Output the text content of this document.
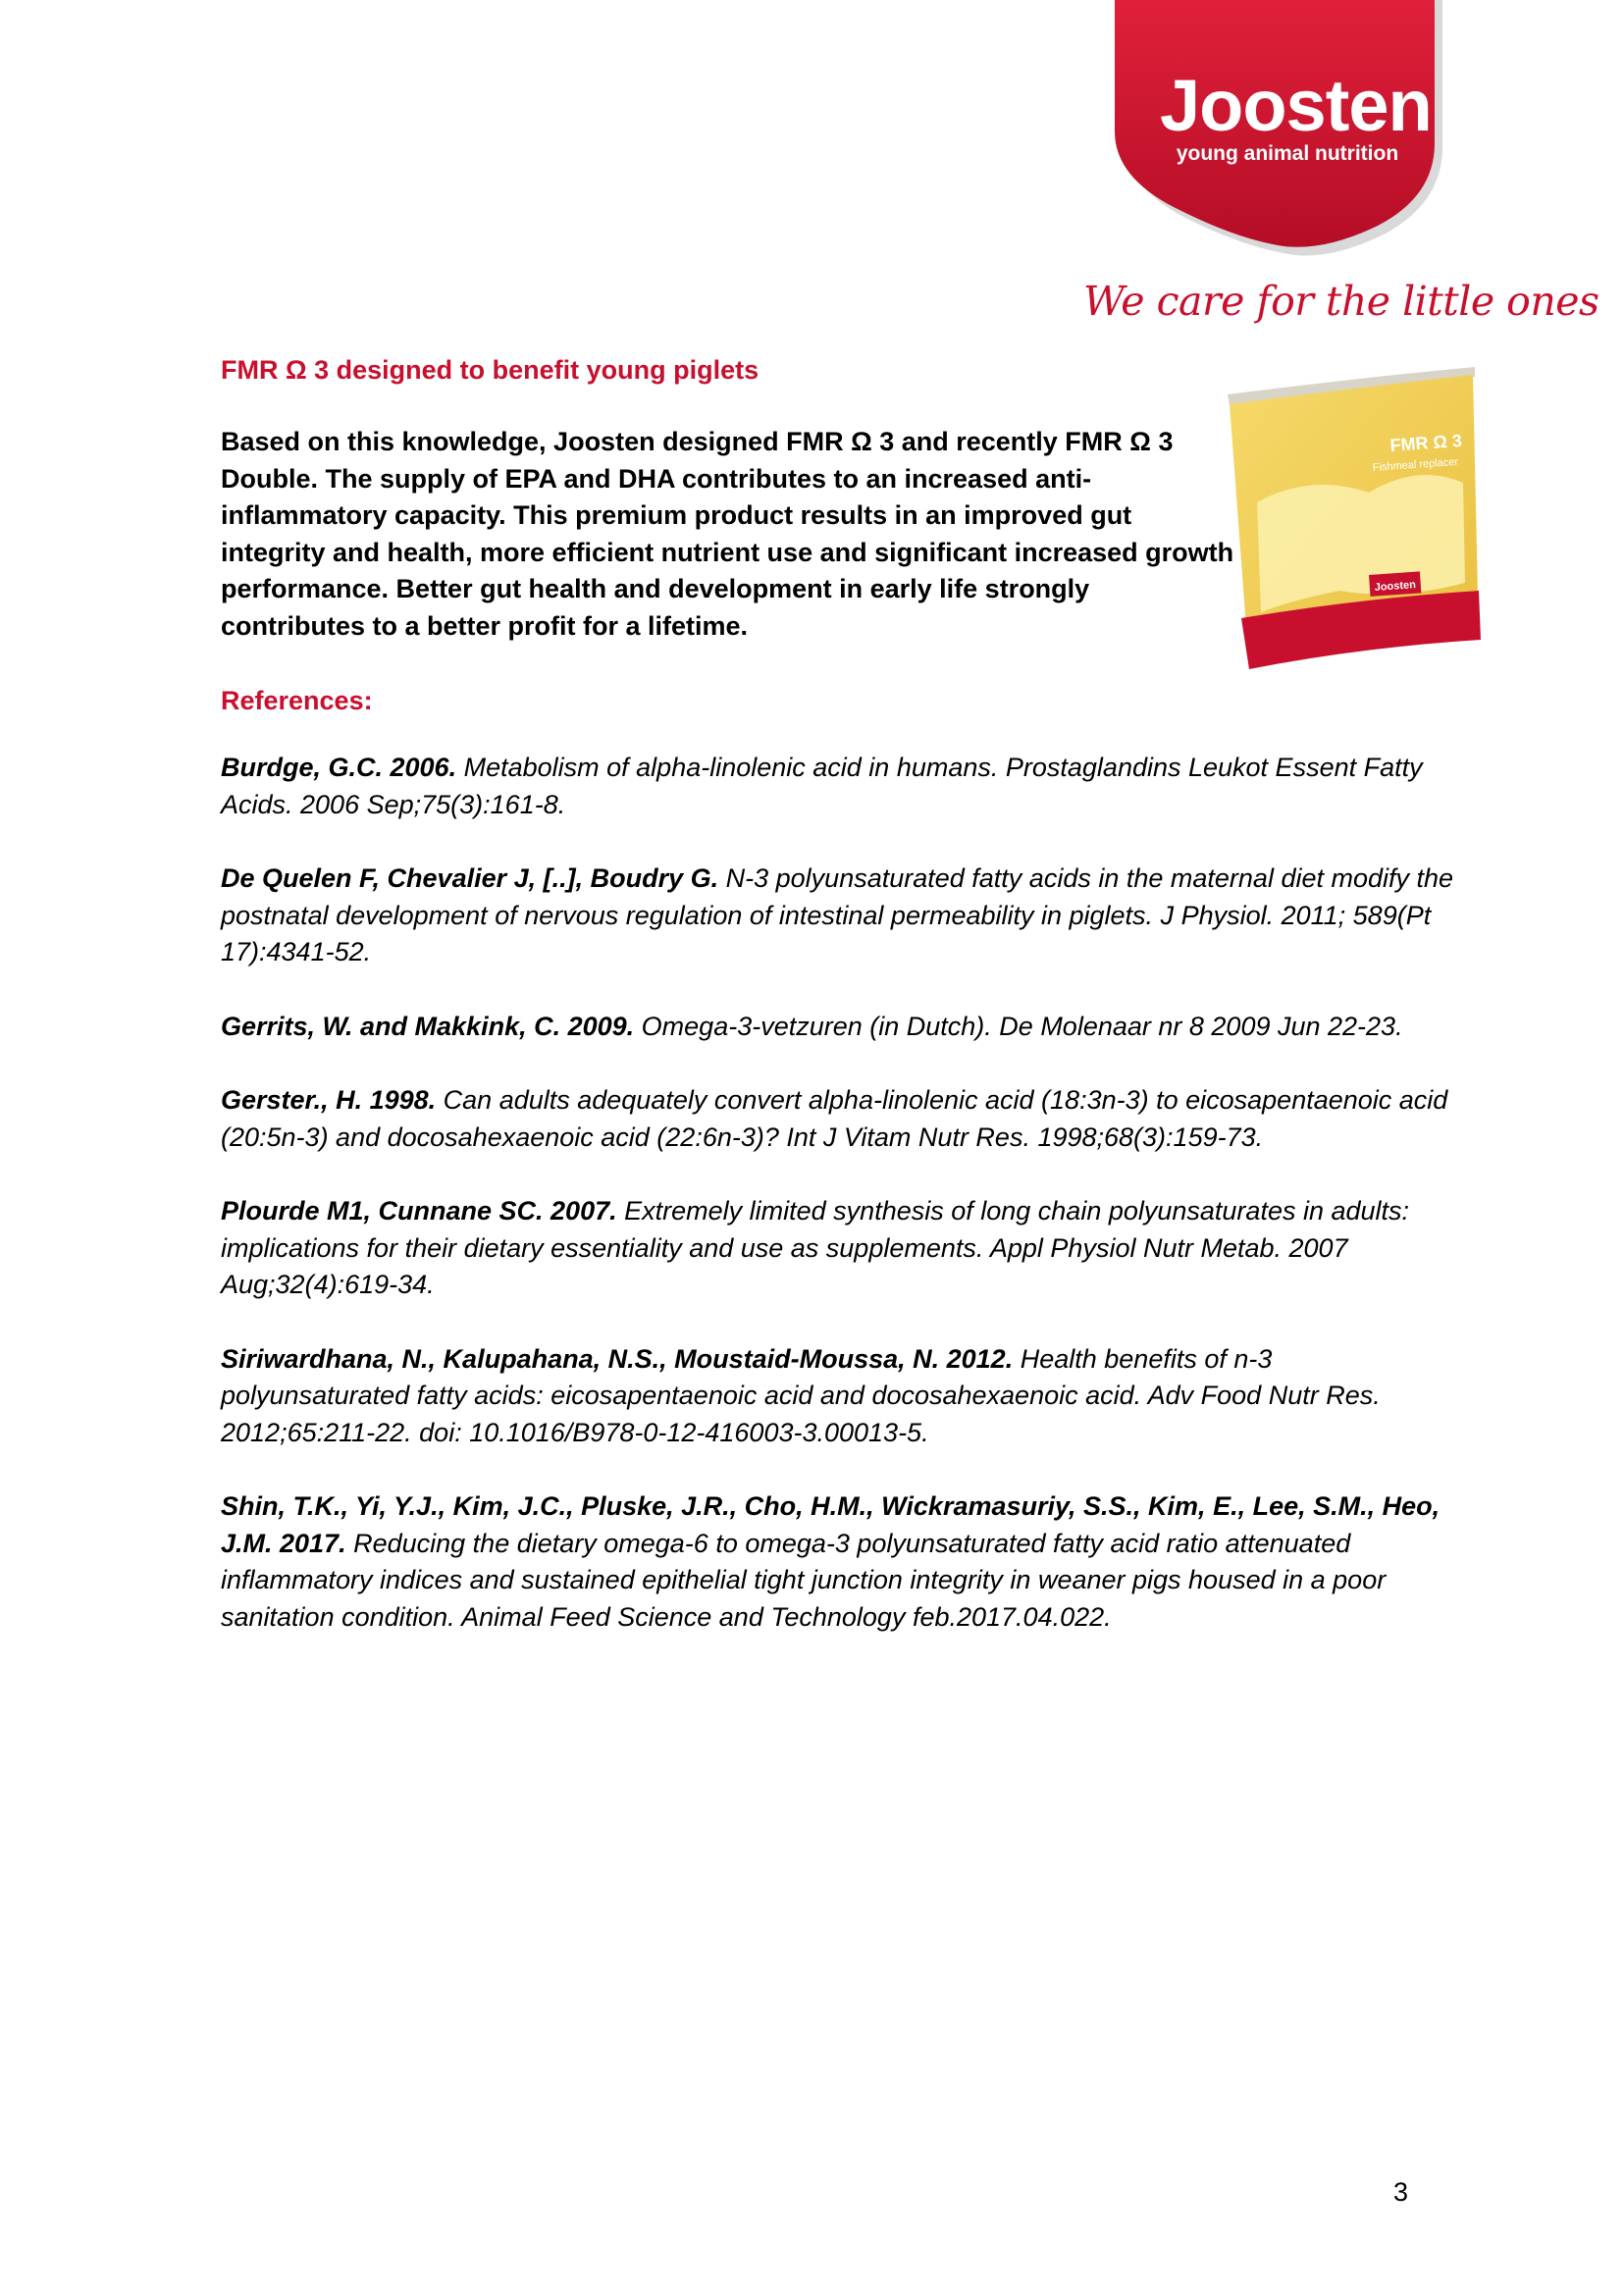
Joosten
young animal nutrition
We care for the little ones
FMR Ω 3
Fishmeal replacer
Joosten
FMR Ω 3 designed to benefit young piglets

Based on this knowledge, Joosten designed FMR Ω 3 and recently FMR Ω 3 Double. The supply of EPA and DHA contributes to an increased anti-inflammatory capacity. This premium product results in an improved gut integrity and health, more efficient nutrient use and significant increased growth performance. Better gut health and development in early life strongly contributes to a better profit for a lifetime.

References:

Burdge, G.C. 2006. Metabolism of alpha-linolenic acid in humans. Prostaglandins Leukot Essent Fatty Acids. 2006 Sep;75(3):161-8.

De Quelen F, Chevalier J, [..], Boudry G. N-3 polyunsaturated fatty acids in the maternal diet modify the postnatal development of nervous regulation of intestinal permeability in piglets. J Physiol. 2011; 589(Pt 17):4341-52.

Gerrits, W. and Makkink, C. 2009. Omega-3-vetzuren (in Dutch). De Molenaar nr 8 2009 Jun 22-23.

Gerster., H. 1998. Can adults adequately convert alpha-linolenic acid (18:3n-3) to eicosapentaenoic acid (20:5n-3) and docosahexaenoic acid (22:6n-3)? Int J Vitam Nutr Res. 1998;68(3):159-73.

Plourde M1, Cunnane SC. 2007. Extremely limited synthesis of long chain polyunsaturates in adults: implications for their dietary essentiality and use as supplements. Appl Physiol Nutr Metab. 2007 Aug;32(4):619-34.

Siriwardhana, N., Kalupahana, N.S., Moustaid-Moussa, N. 2012. Health benefits of n-3 polyunsaturated fatty acids: eicosapentaenoic acid and docosahexaenoic acid. Adv Food Nutr Res. 2012;65:211-22. doi: 10.1016/B978-0-12-416003-3.00013-5.

Shin, T.K., Yi, Y.J., Kim, J.C., Pluske, J.R., Cho, H.M., Wickramasuriy, S.S., Kim, E., Lee, S.M., Heo, J.M. 2017. Reducing the dietary omega-6 to omega-3 polyunsaturated fatty acid ratio attenuated inflammatory indices and sustained epithelial tight junction integrity in weaner pigs housed in a poor sanitation condition. Animal Feed Science and Technology feb.2017.04.022.

3
